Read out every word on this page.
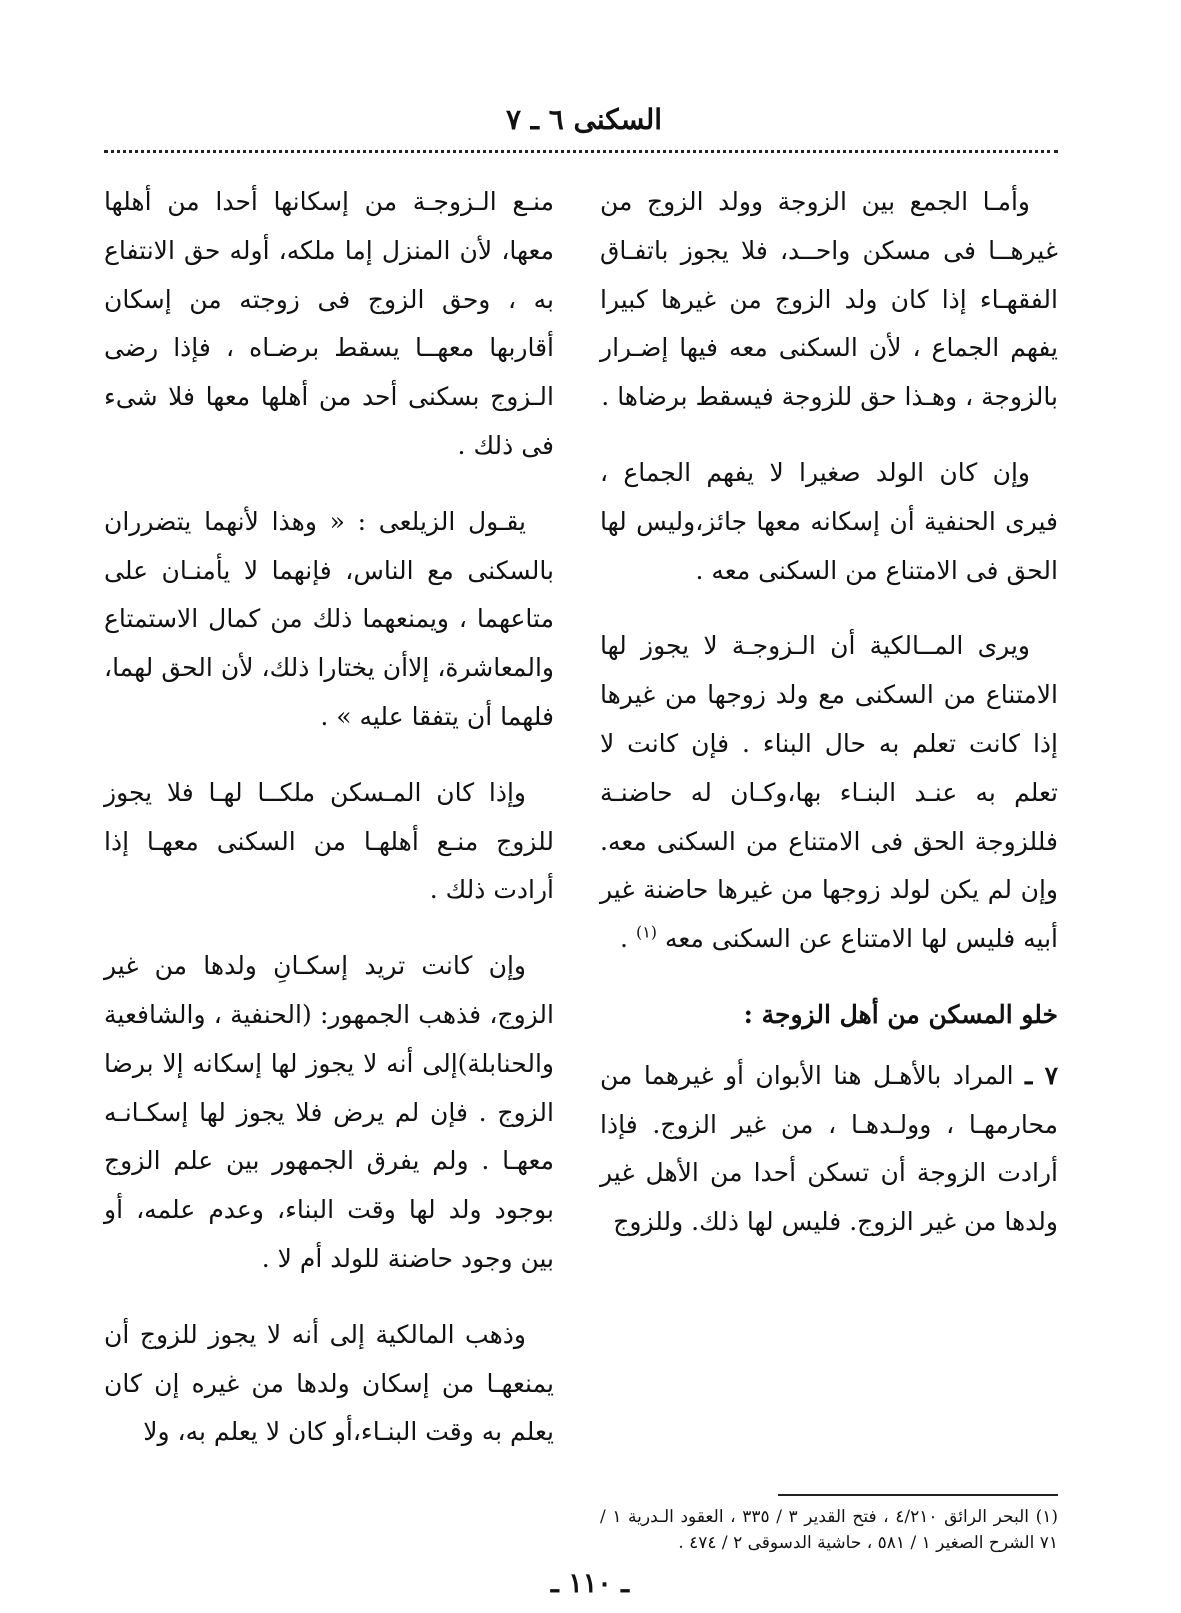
السكنى ٦ ـ ٧

وأمـا الجمع بين الزوجة وولد الزوج من غيرهــا فى مسكن واحــد، فلا يجوز باتفـاق الفقهـاء إذا كان ولد الزوج من غيرها كبيرا يفهم الجماع ، لأن السكنى معه فيها إضـرار بالزوجة ، وهـذا حق للزوجة فيسقط برضاها .

وإن كان الولد صغيرا لا يفهم الجماع ، فيرى الحنفية أن إسكانه معها جائز،وليس لها الحق فى الامتناع من السكنى معه .

ويرى المــالكية أن الـزوجـة لا يجوز لها الامتناع من السكنى مع ولد زوجها من غيرها إذا كانت تعلم به حال البناء . فإن كانت لا تعلم به عنـد البنـاء بها،وكـان له حاضنـة فللزوجة الحق فى الامتناع من السكنى معه. وإن لم يكن لولد زوجها من غيرها حاضنة غير أبيه فليس لها الامتناع عن السكنى معه $^{(١)}$ .

خلو المسكن من أهل الزوجة :

٧ ـ المراد بالأهـل هنا الأبوان أو غيرهما من محارمهـا ، وولـدهـا ، من غير الزوج. فإذا أرادت الزوجة أن تسكن أحدا من الأهل غير ولدها من غير الزوج. فليس لها ذلك. وللزوج

منـع الـزوجـة من إسكانها أحدا من أهلها معها، لأن المنزل إما ملكه، أوله حق الانتفاع به ، وحق الزوج فى زوجته من إسكان أقاربها معهــا يسقط برضـاه ، فإذا رضى الـزوج بسكنى أحد من أهلها معها فلا شىء فى ذلك .

يقـول الزيلعى : « وهذا لأنهما يتضرران بالسكنى مع الناس، فإنهما لا يأمنـان على متاعهما ، ويمنعهما ذلك من كمال الاستمتاع والمعاشرة، إلاأن يختارا ذلك، لأن الحق لهما، فلهما أن يتفقا عليه » .

وإذا كان المـسكن ملكــا لهـا فلا يجوز للزوج منـع أهلهـا من السكنى معهـا إذا أرادت ذلك .

وإن كانت تريد إسكـانِ ولدها من غير الزوج، فذهب الجمهور: (الحنفية ، والشافعية والحنابلة)إلى أنه لا يجوز لها إسكانه إلا برضا الزوج . فإن لم يرض فلا يجوز لها إسكـانـه معهـا . ولم يفرق الجمهور بين علم الزوج بوجود ولد لها وقت البناء، وعدم علمه، أو بين وجود حاضنة للولد أم لا .

وذهب المالكية إلى أنه لا يجوز للزوج أن يمنعهـا من إسكان ولدها من غيره إن كان يعلم به وقت البنـاء،أو كان لا يعلم به، ولا

(١) البحر الرائق ٤/٢١٠ ، فتح القدير ٣ / ٣٣٥ ، العقود الـدرية ١ / ٧١ الشرح الصغير ١ / ٥٨١ ، حاشية الدسوقى ٢ / ٤٧٤ .
ـ ١١٠ ـ
